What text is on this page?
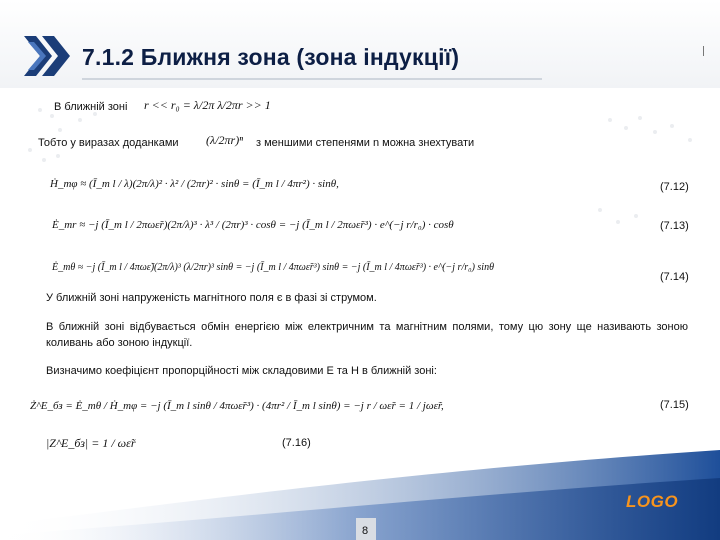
7.1.2 Ближня зона (зона індукції)
В ближній зоні r << r₀ = λ/2π λ/2πr >> 1
Тобто у виразах доданками (λ/2πr)ⁿ з меншими степенями n можна знехтувати
Ḣ_mφ ≈ (Ī_m l / λ)(2π/λ)² · λ² / (2πr)² · sinθ = (Ī_m l / 4πr²) · sinθ,	(7.12)
Ė_mr ≈ −j (Ī_m l / 2πωε̃r)(2π/λ)³ · λ³ / (2πr)³ · cosθ = −j (Ī_m l / 2πωε̃r³) · e^(−j r/r₀) · cosθ	(7.13)
Ė_mθ ≈ −j (Ī_m l / 4πωε̃)(2π/λ)³ (λ/2πr)³ sinθ = −j (Ī_m l / 4πωε̃r³) sinθ = −j (Ī_m l / 4πωε̃r³) · e^(−j r/r₀) sinθ
(7.14)
У ближній зоні напруженість магнітного поля є в фазі зі струмом.
В ближній зоні відбувається обмін енергією між електричним та магнітним полями, тому цю зону ще називають зоною коливань або зоною індукції.
Визначимо коефіцієнт пропорційності між складовими E та H в ближній зоні:
Ż^E_бз = Ė_mθ / Ḣ_mφ = −j (Ī_m l sinθ / 4πωε̃r³) · (4πr² / Ī_m l sinθ) = −j r / ωε̃r = 1 / jωε̃r,	(7.15)
|Z^E_бз| = 1 / ωε̃r	(7.16)
8
LOGO
